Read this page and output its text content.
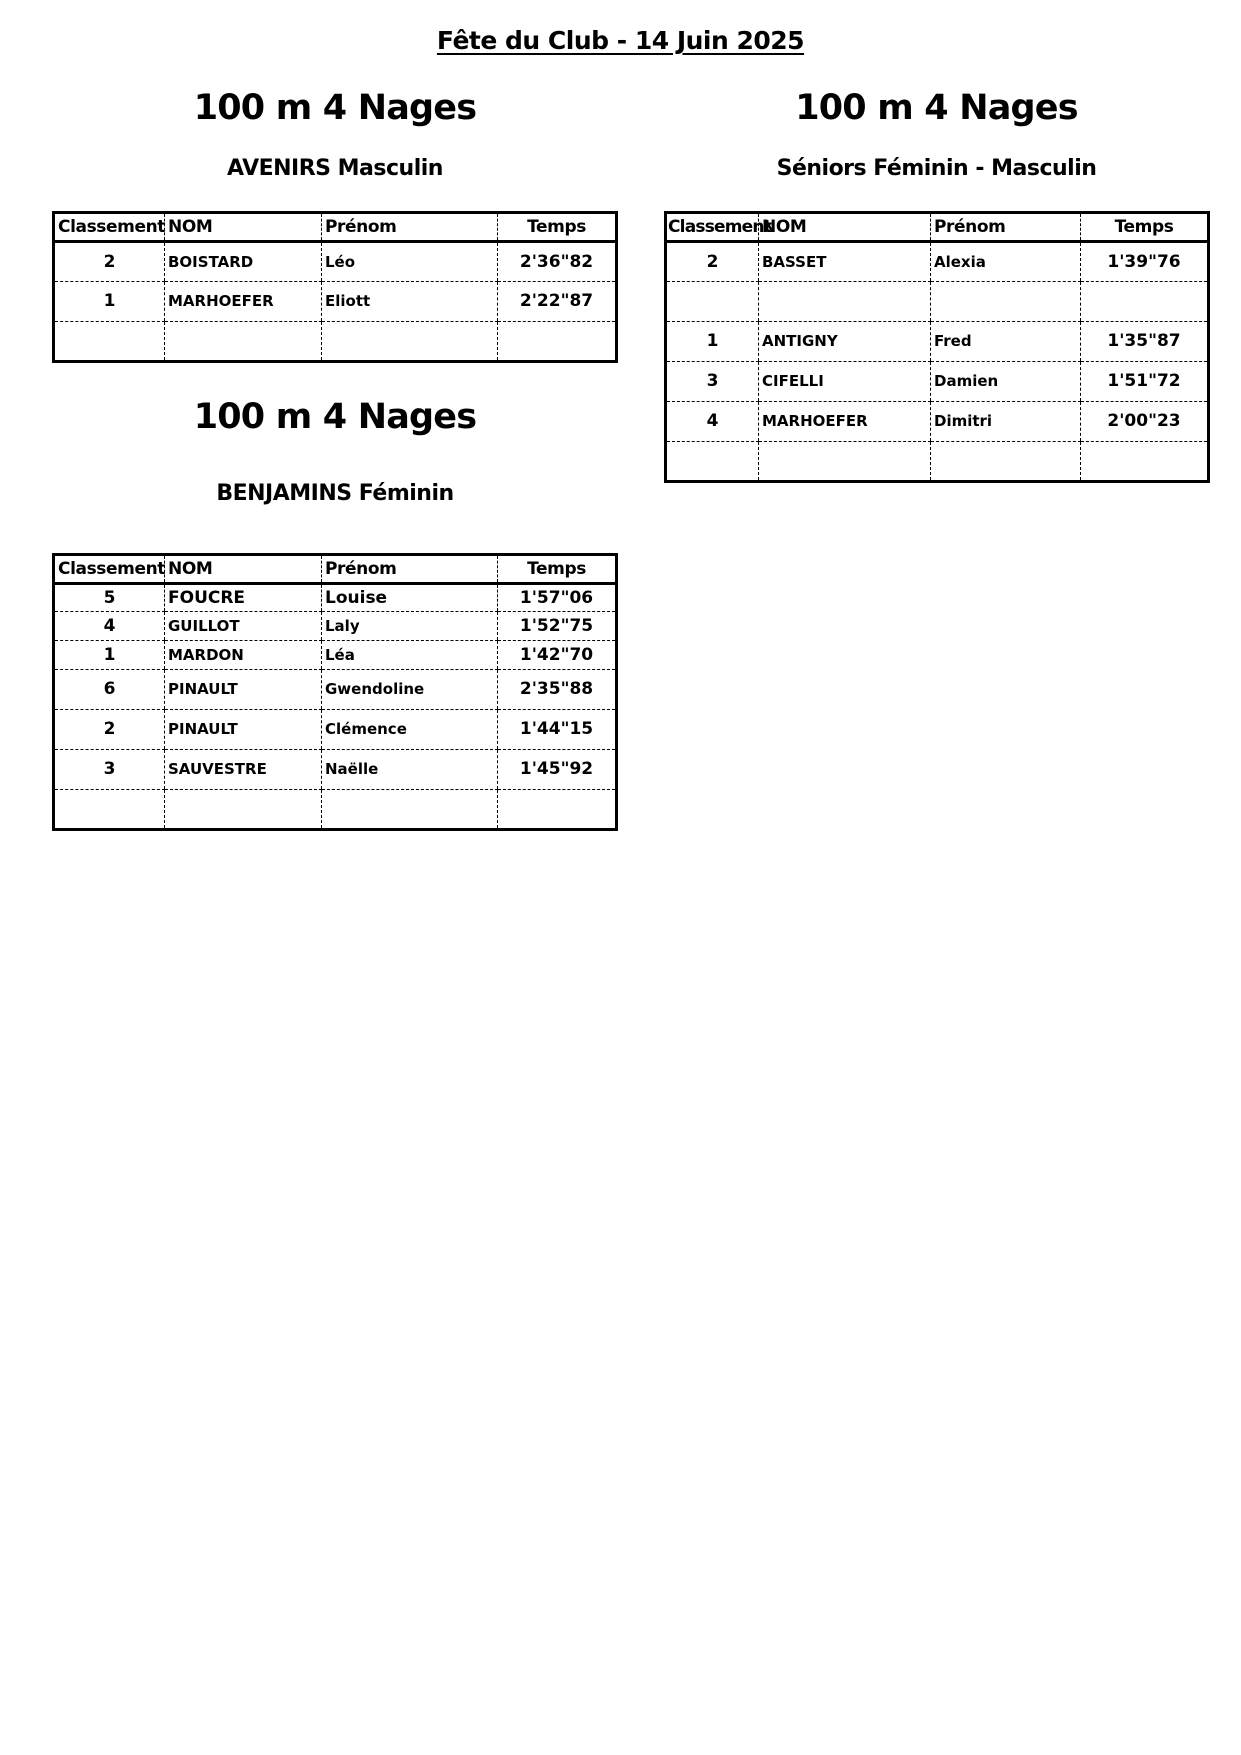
Fête du Club - 14 Juin 2025
100 m 4 Nages
AVENIRS Masculin
Classement	NOM	Prénom	Temps
2	BOISTARD	Léo	2'36"82
1	MARHOEFER	Eliott	2'22"87

100 m 4 Nages
BENJAMINS Féminin
Classement	NOM	Prénom	Temps
5	FOUCRE	Louise	1'57"06
4	GUILLOT	Laly	1'52"75
1	MARDON	Léa	1'42"70
6	PINAULT	Gwendoline	2'35"88
2	PINAULT	Clémence	1'44"15
3	SAUVESTRE	Naëlle	1'45"92

100 m 4 Nages
Séniors Féminin - Masculin
Classement	NOM	Prénom	Temps
2	BASSET	Alexia	1'39"76

1	ANTIGNY	Fred	1'35"87
3	CIFELLI	Damien	1'51"72
4	MARHOEFER	Dimitri	2'00"23
